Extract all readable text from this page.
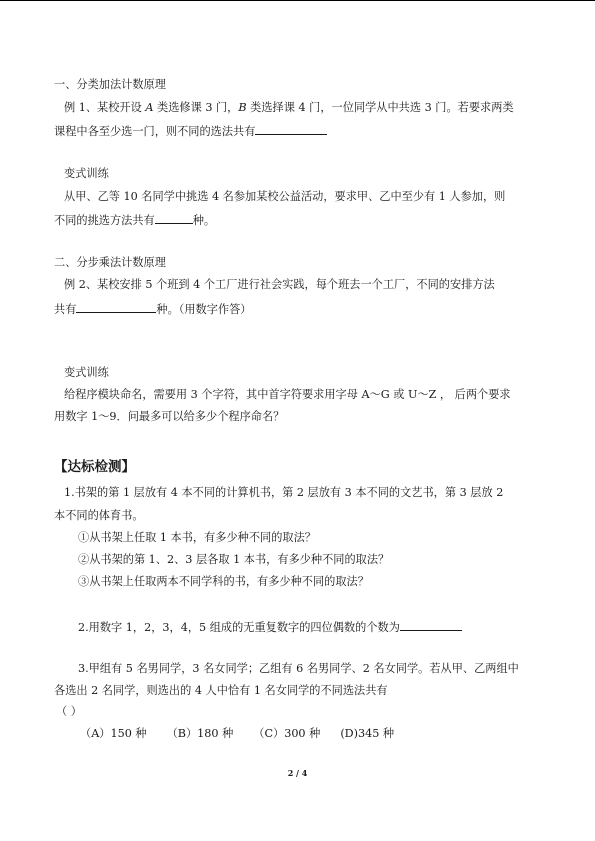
一、分类加法计数原理
例 1、某校开设 A 类选修课 3 门，B 类选择课 4 门，一位同学从中共选 3 门。若要求两类
课程中各至少选一门，则不同的选法共有
变式训练
从甲、乙等 10 名同学中挑选 4 名参加某校公益活动，要求甲、乙中至少有 1 人参加，则
不同的挑选方法共有	种。
二、分步乘法计数原理
例 2、某校安排 5 个班到 4 个工厂进行社会实践，每个班去一个工厂，不同的安排方法
共有	种。（用数字作答）
变式训练
给程序模块命名，需要用 3 个字符，其中首字符要求用字母 A～G 或 U～Z ， 后两个要求
用数字 1～9．问最多可以给多少个程序命名？
【达标检测】
1.书架的第 1 层放有 4 本不同的计算机书，第 2 层放有 3 本不同的文艺书，第 3 层放 2
本不同的体育书。
①从书架上任取 1 本书，有多少种不同的取法？
②从书架的第 1、2、3 层各取 1 本书，有多少种不同的取法？
③从书架上任取两本不同学科的书，有多少种不同的取法？
2.用数字 1，2，3，4，5 组成的无重复数字的四位偶数的个数为
3.甲组有 5 名男同学，3 名女同学；乙组有 6 名男同学、2 名女同学。若从甲、乙两组中
各选出 2 名同学，则选出的 4 人中恰有 1 名女同学的不同选法共有
（ ）
（A）150 种 （B）180 种 （C）300 种 (D)345 种
2 / 4
